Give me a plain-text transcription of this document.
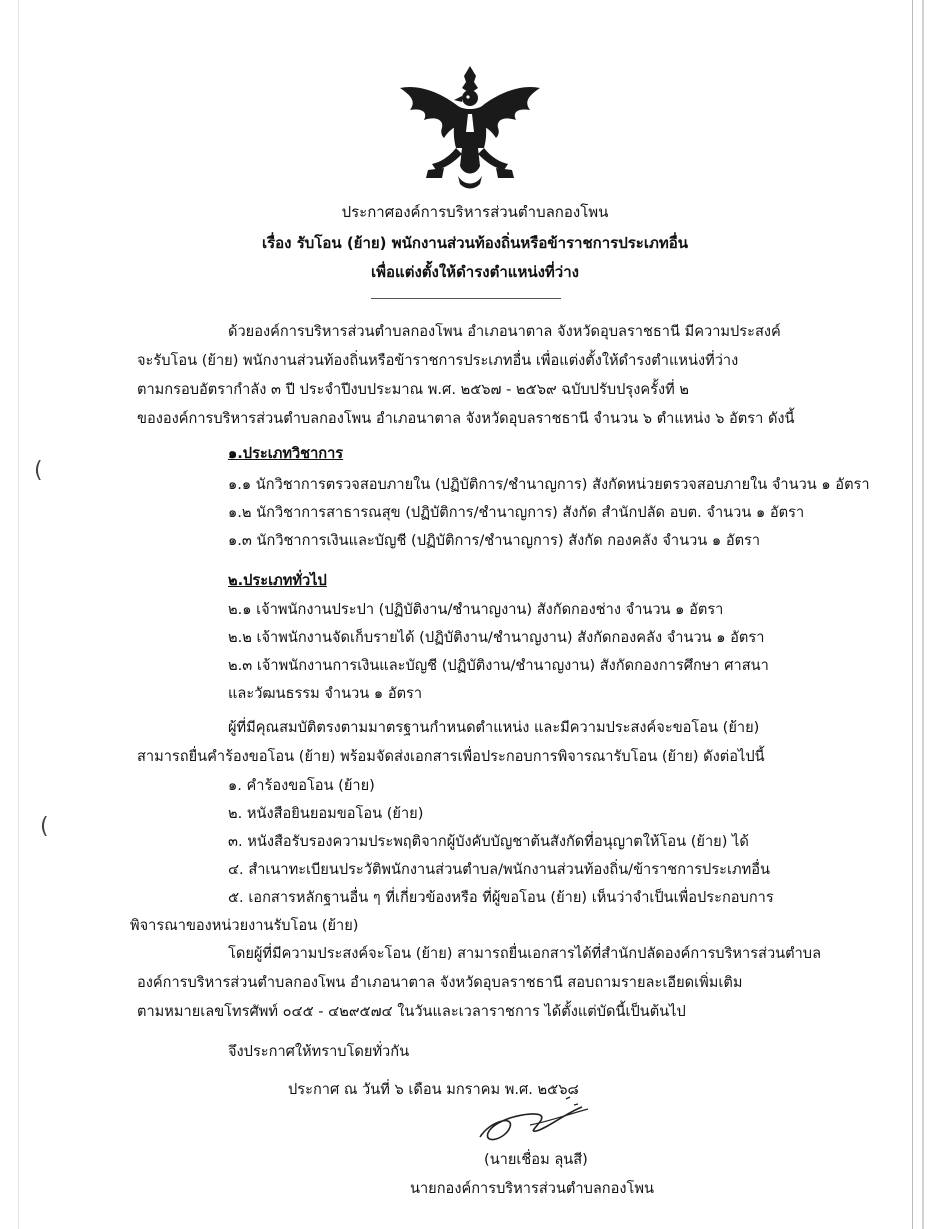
(
(
ประกาศองค์การบริหารส่วนตำบลกองโพน
เรื่อง รับโอน (ย้าย) พนักงานส่วนท้องถิ่นหรือข้าราชการประเภทอื่น
เพื่อแต่งตั้งให้ดำรงตำแหน่งที่ว่าง
ด้วยองค์การบริหารส่วนตำบลกองโพน อำเภอนาตาล จังหวัดอุบลราชธานี มีความประสงค์
จะรับโอน (ย้าย) พนักงานส่วนท้องถิ่นหรือข้าราชการประเภทอื่น เพื่อแต่งตั้งให้ดำรงตำแหน่งที่ว่าง
ตามกรอบอัตรากำลัง ๓ ปี ประจำปีงบประมาณ พ.ศ. ๒๕๖๗ - ๒๕๖๙ ฉบับปรับปรุงครั้งที่ ๒
ขององค์การบริหารส่วนตำบลกองโพน อำเภอนาตาล จังหวัดอุบลราชธานี จำนวน ๖ ตำแหน่ง ๖ อัตรา ดังนี้
๑.ประเภทวิชาการ
๑.๑ นักวิชาการตรวจสอบภายใน (ปฏิบัติการ/ชำนาญการ) สังกัดหน่วยตรวจสอบภายใน จำนวน ๑ อัตรา
๑.๒ นักวิชาการสาธารณสุข (ปฏิบัติการ/ชำนาญการ) สังกัด สำนักปลัด อบต. จำนวน ๑ อัตรา
๑.๓ นักวิชาการเงินและบัญชี (ปฏิบัติการ/ชำนาญการ) สังกัด กองคลัง จำนวน ๑ อัตรา
๒.ประเภททั่วไป
๒.๑ เจ้าพนักงานประปา (ปฏิบัติงาน/ชำนาญงาน) สังกัดกองช่าง จำนวน ๑ อัตรา
๒.๒ เจ้าพนักงานจัดเก็บรายได้ (ปฏิบัติงาน/ชำนาญงาน) สังกัดกองคลัง จำนวน ๑ อัตรา
๒.๓ เจ้าพนักงานการเงินและบัญชี (ปฏิบัติงาน/ชำนาญงาน) สังกัดกองการศึกษา ศาสนา
และวัฒนธรรม จำนวน ๑ อัตรา
ผู้ที่มีคุณสมบัติตรงตามมาตรฐานกำหนดตำแหน่ง และมีความประสงค์จะขอโอน (ย้าย)
สามารถยื่นคำร้องขอโอน (ย้าย) พร้อมจัดส่งเอกสารเพื่อประกอบการพิจารณารับโอน (ย้าย) ดังต่อไปนี้
๑. คำร้องขอโอน (ย้าย)
๒. หนังสือยินยอมขอโอน (ย้าย)
๓. หนังสือรับรองความประพฤติจากผู้บังคับบัญชาต้นสังกัดที่อนุญาตให้โอน (ย้าย) ได้
๔. สำเนาทะเบียนประวัติพนักงานส่วนตำบล/พนักงานส่วนท้องถิ่น/ข้าราชการประเภทอื่น
๕. เอกสารหลักฐานอื่น ๆ ที่เกี่ยวข้องหรือ ที่ผู้ขอโอน (ย้าย) เห็นว่าจำเป็นเพื่อประกอบการ
พิจารณาของหน่วยงานรับโอน (ย้าย)
โดยผู้ที่มีความประสงค์จะโอน (ย้าย) สามารถยื่นเอกสารได้ที่สำนักปลัดองค์การบริหารส่วนตำบล
องค์การบริหารส่วนตำบลกองโพน อำเภอนาตาล จังหวัดอุบลราชธานี สอบถามรายละเอียดเพิ่มเติม
ตามหมายเลขโทรศัพท์ ๐๔๕ - ๔๒๙๕๗๔ ในวันและเวลาราชการ ได้ตั้งแต่บัดนี้เป็นต้นไป
จึงประกาศให้ทราบโดยทั่วกัน
ประกาศ ณ วันที่ ๖ เดือน มกราคม พ.ศ. ๒๕๖๘
(นายเชื่อม ลุนสี)
นายกองค์การบริหารส่วนตำบลกองโพน
